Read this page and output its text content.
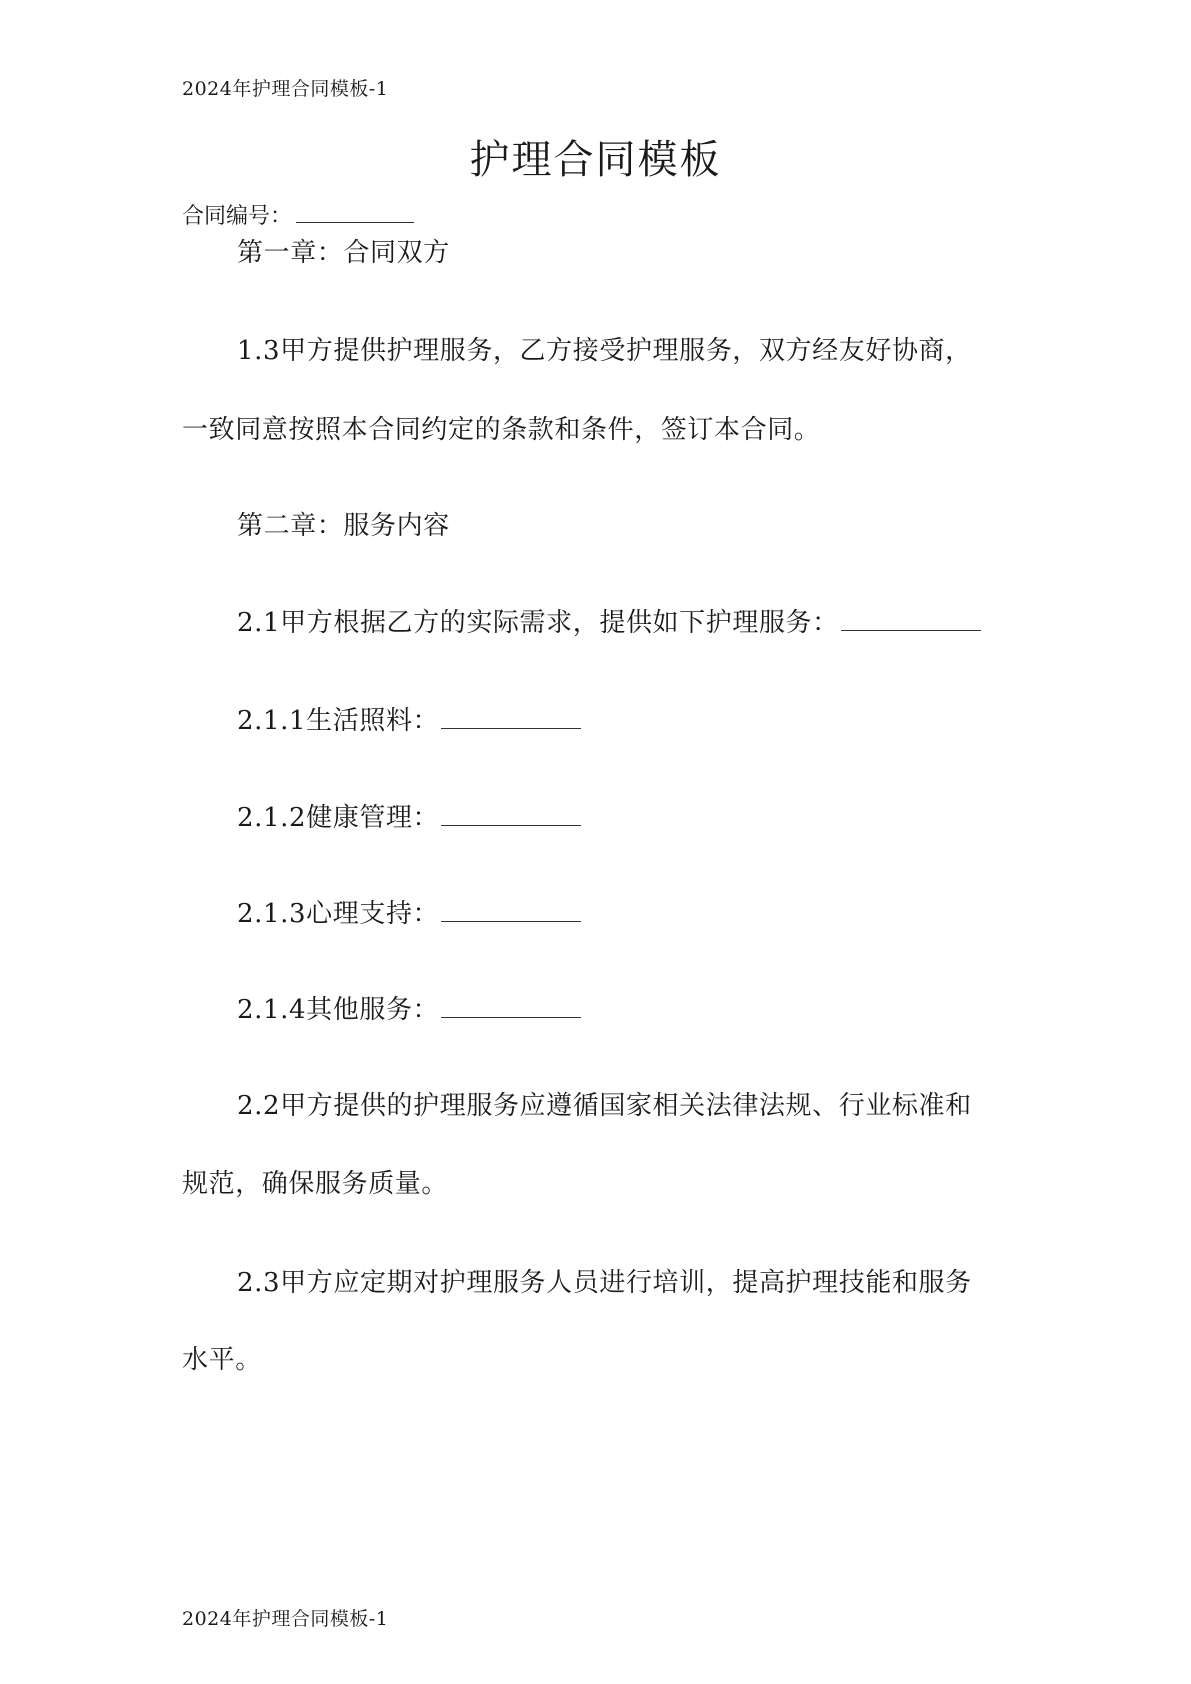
2024年护理合同模板-1
护理合同模板
合同编号：
第一章：合同双方
1.3甲方提供护理服务，乙方接受护理服务，双方经友好协商，
一致同意按照本合同约定的条款和条件，签订本合同。
第二章：服务内容
2.1甲方根据乙方的实际需求，提供如下护理服务：
2.1.1生活照料：
2.1.2健康管理：
2.1.3心理支持：
2.1.4其他服务：
2.2甲方提供的护理服务应遵循国家相关法律法规、行业标准和
规范，确保服务质量。
2.3甲方应定期对护理服务人员进行培训，提高护理技能和服务
水平。
2024年护理合同模板-1
